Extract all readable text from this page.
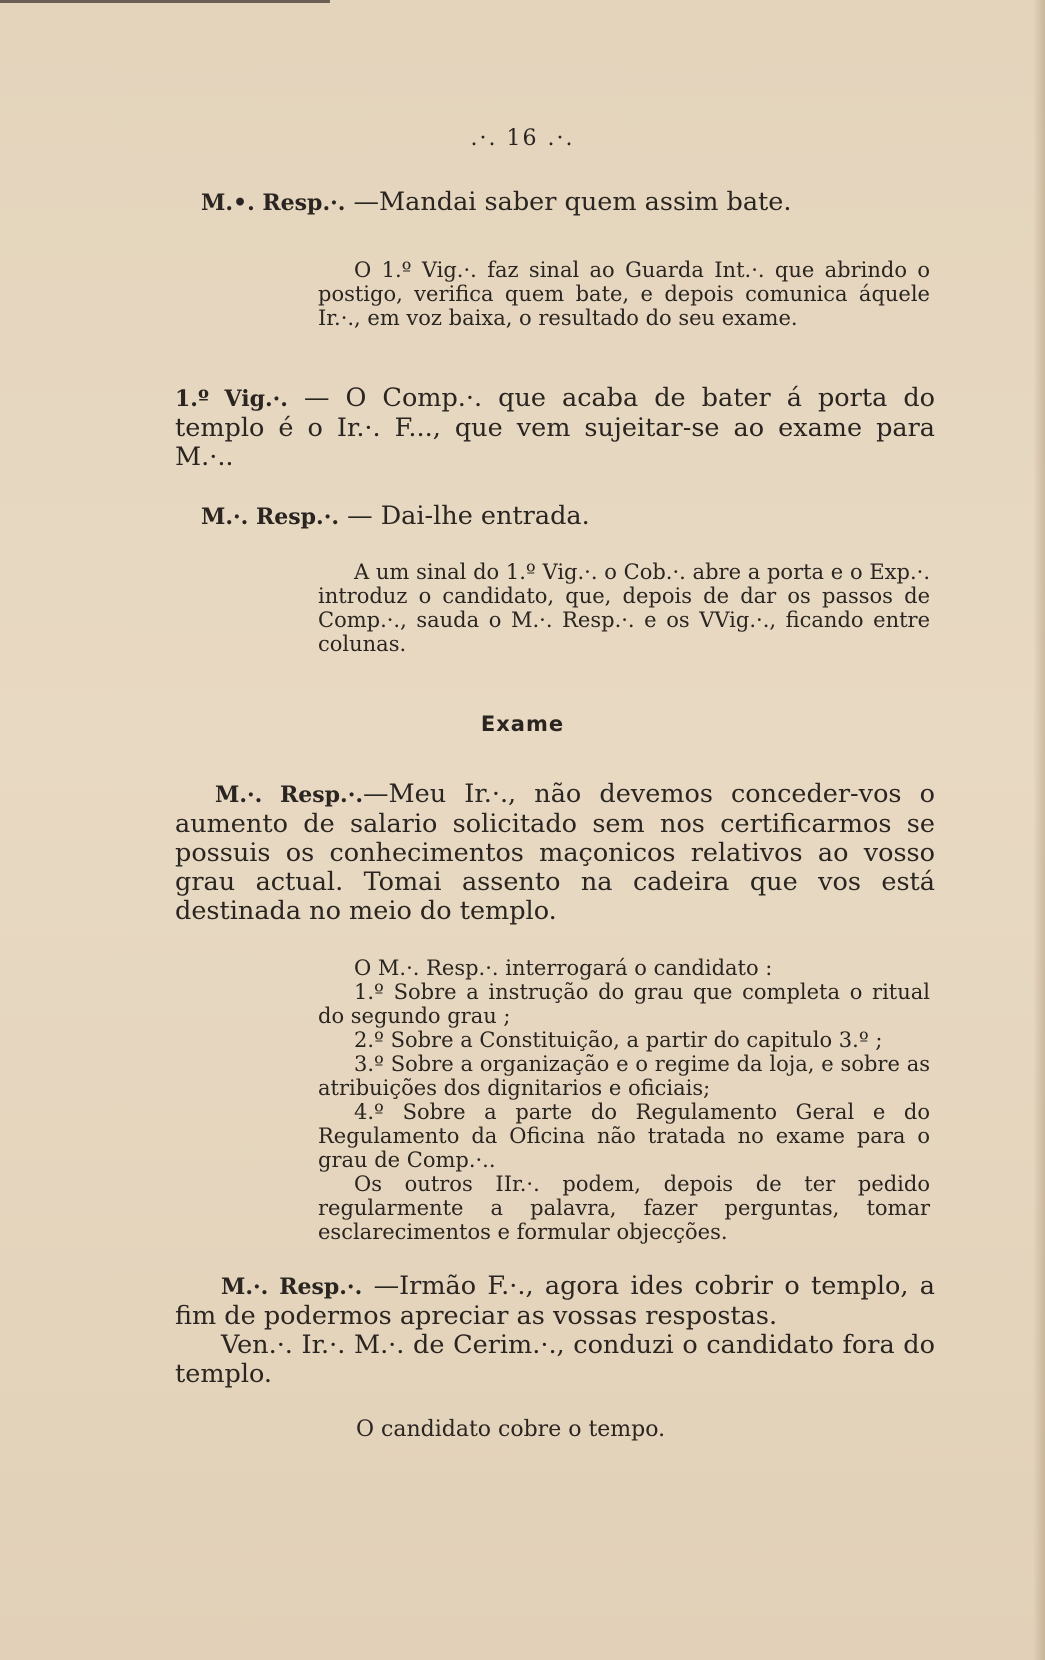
.·. 16 .·.
M.•. Resp.·. —Mandai saber quem assim bate.

O 1.º Vig.·. faz sinal ao Guarda Int.·. que abrindo o postigo, verifica quem bate, e depois comunica áquele Ir.·., em voz baixa, o resultado do seu exame.

1.º Vig.·. — O Comp.·. que acaba de bater á porta do templo é o Ir.·. F..., que vem sujeitar-se ao exame para M.·..
M.·. Resp.·. — Dai-lhe entrada.

A um sinal do 1.º Vig.·. o Cob.·. abre a porta e o Exp.·. introduz o candidato, que, depois de dar os passos de Comp.·., sauda o M.·. Resp.·. e os VVig.·., ficando entre colunas.

Exame
M.·. Resp.·.—Meu Ir.·., não devemos conceder-vos o aumento de salario solicitado sem nos certificarmos se possuis os conhecimentos maçonicos relativos ao vosso grau actual. Tomai assento na cadeira que vos está destinada no meio do templo.

O M.·. Resp.·. interrogará o candidato :

1.º Sobre a instrução do grau que completa o ritual do segundo grau ;

2.º Sobre a Constituição, a partir do capitulo 3.º ;

3.º Sobre a organização e o regime da loja, e sobre as atribuições dos dignitarios e oficiais;

4.º Sobre a parte do Regulamento Geral e do Regulamento da Oficina não tratada no exame para o grau de Comp.·..

Os outros IIr.·. podem, depois de ter pedido regularmente a palavra, fazer perguntas, tomar esclarecimentos e formular objecções.

M.·. Resp.·. —Irmão F.·., agora ides cobrir o templo, a fim de podermos apreciar as vossas respostas.
Ven.·. Ir.·. M.·. de Cerim.·., conduzi o candidato fora do templo.

O candidato cobre o tempo.
